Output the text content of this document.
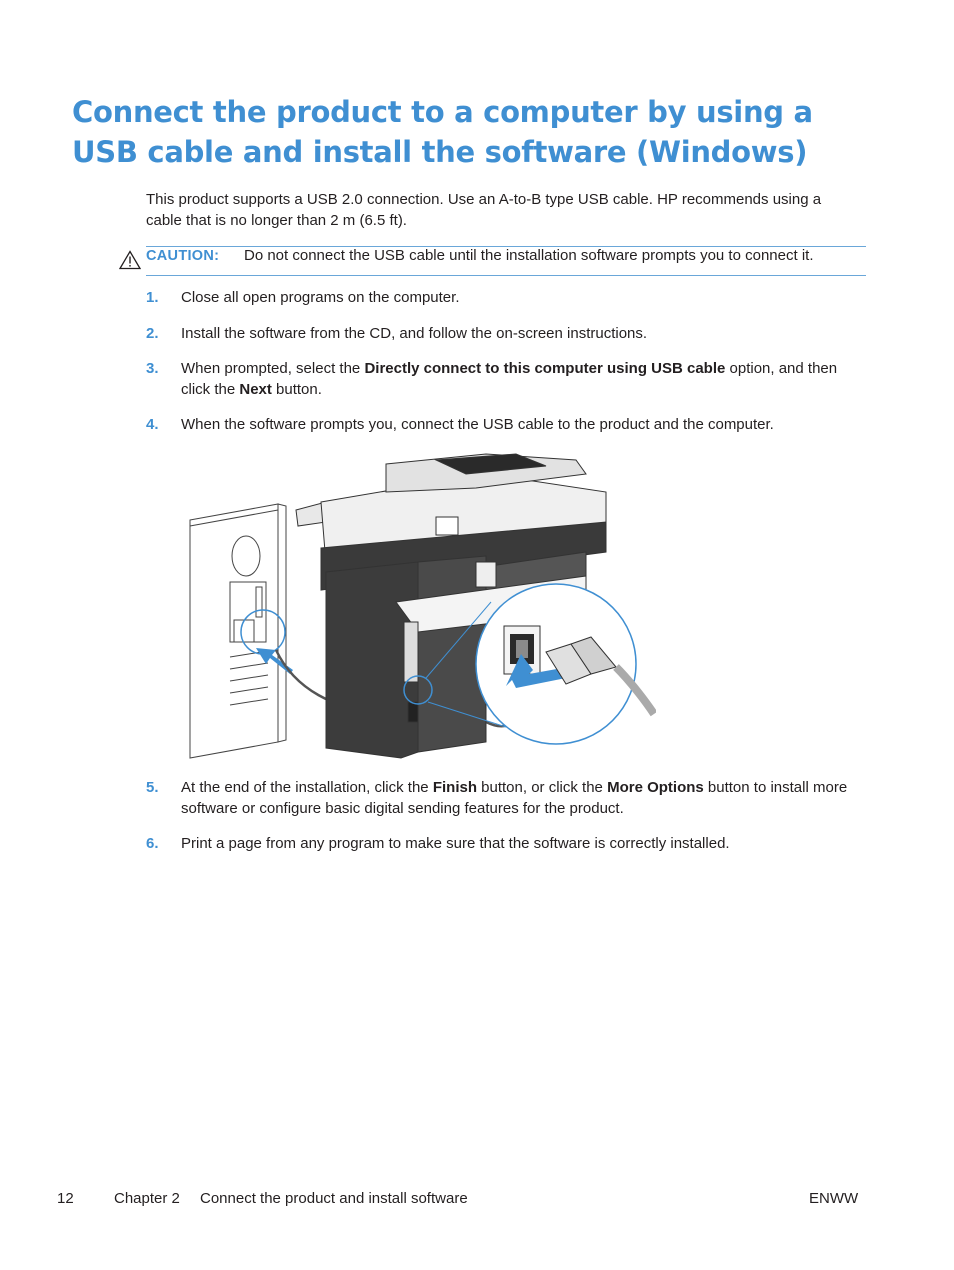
Connect the product to a computer by using a USB cable and install the software (Windows)

This product supports a USB 2.0 connection. Use an A-to-B type USB cable. HP recommends using a cable that is no longer than 2 m (6.5 ft).

CAUTION: Do not connect the USB cable until the installation software prompts you to connect it.
1. Close all open programs on the computer.
2. Install the software from the CD, and follow the on-screen instructions.
3. When prompted, select the Directly connect to this computer using USB cable option, and then click the Next button.
4. When the software prompts you, connect the USB cable to the product and the computer.
5. At the end of the installation, click the Finish button, or click the More Options button to install more software or configure basic digital sending features for the product.
6. Print a page from any program to make sure that the software is correctly installed.
12	Chapter 2 Connect the product and install software	ENWW
